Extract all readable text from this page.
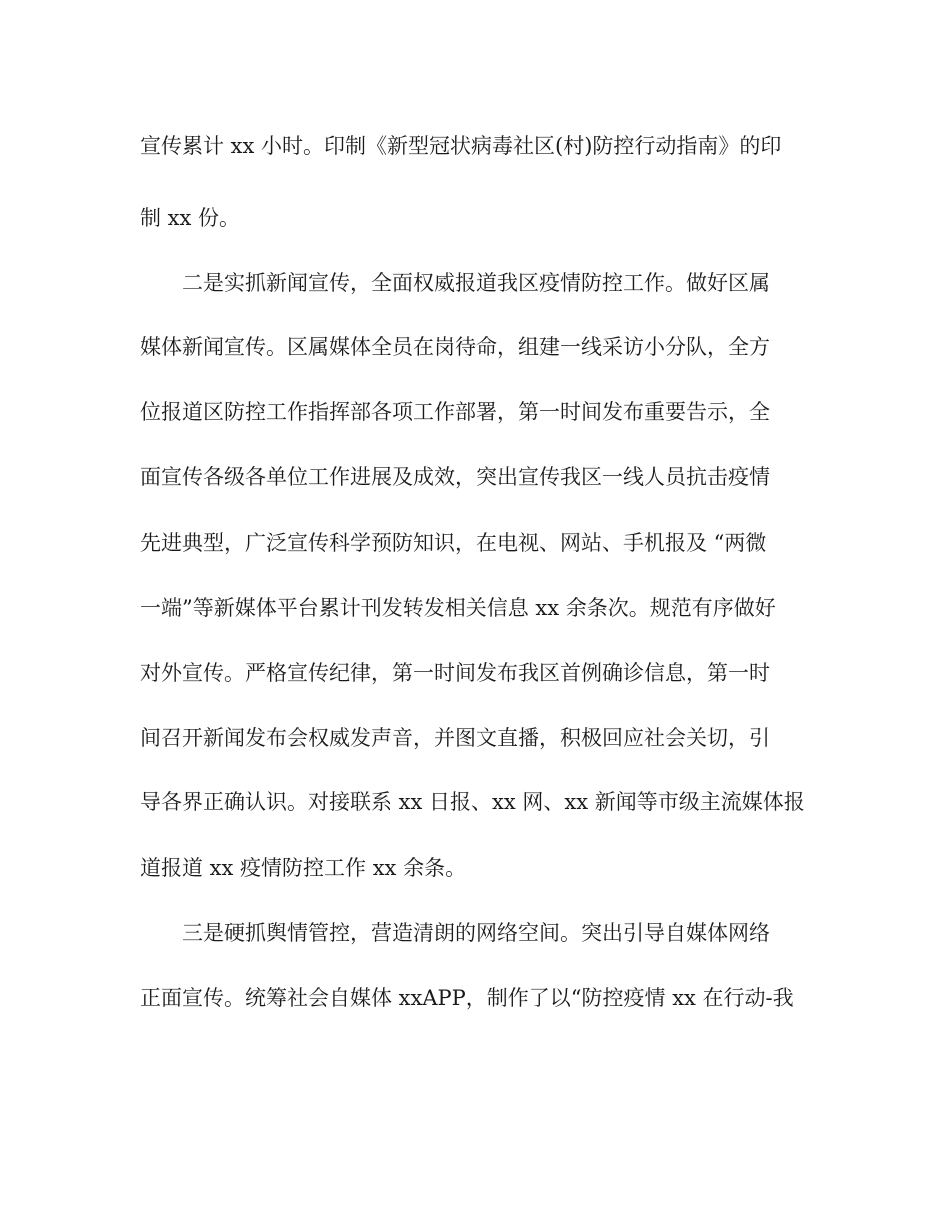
宣传累计 xx 小时。印制《新型冠状病毒社区(村)防控行动指南》的印
制 xx 份。
二是实抓新闻宣传，全面权威报道我区疫情防控工作。做好区属
媒体新闻宣传。区属媒体全员在岗待命，组建一线采访小分队，全方
位报道区防控工作指挥部各项工作部署，第一时间发布重要告示，全
面宣传各级各单位工作进展及成效，突出宣传我区一线人员抗击疫情
先进典型，广泛宣传科学预防知识，在电视、网站、手机报及 “两微
一端”等新媒体平台累计刊发转发相关信息 xx 余条次。规范有序做好
对外宣传。严格宣传纪律，第一时间发布我区首例确诊信息，第一时
间召开新闻发布会权威发声音，并图文直播，积极回应社会关切，引
导各界正确认识。对接联系 xx 日报、xx 网、xx 新闻等市级主流媒体报
道报道 xx 疫情防控工作 xx 余条。
三是硬抓舆情管控，营造清朗的网络空间。突出引导自媒体网络
正面宣传。统筹社会自媒体 xxAPP，制作了以“防控疫情 xx 在行动-我
